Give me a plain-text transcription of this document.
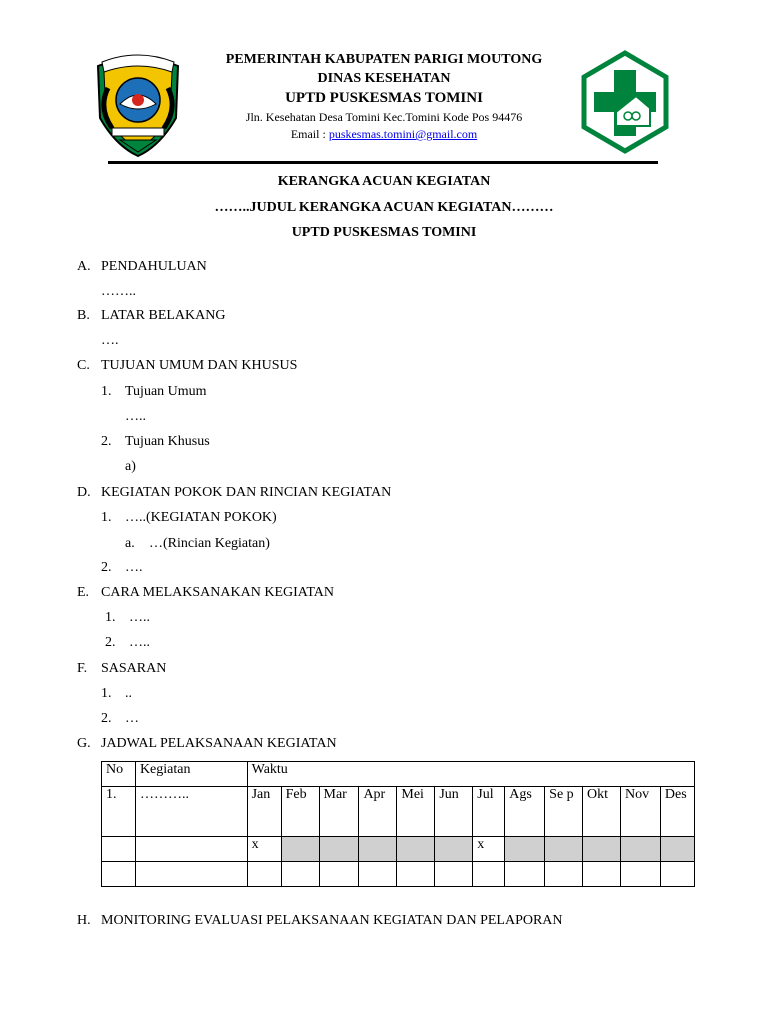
PEMERINTAH KABUPATEN PARIGI MOUTONG
DINAS KESEHATAN
UPTD PUSKESMAS TOMINI
Jln. Kesehatan Desa Tomini Kec.Tomini Kode Pos 94476
Email : puskesmas.tomini@gmail.com
KERANGKA ACUAN KEGIATAN
……..JUDUL KERANGKA ACUAN KEGIATAN………
UPTD PUSKESMAS TOMINI
A. PENDAHULUAN
……..
B. LATAR BELAKANG
….
C. TUJUAN UMUM DAN KHUSUS
1. Tujuan Umum
…..
2. Tujuan Khusus
a)
D. KEGIATAN POKOK DAN RINCIAN KEGIATAN
1. …..(KEGIATAN POKOK)
a. …(Rincian Kegiatan)
2. ….
E. CARA MELAKSANAKAN KEGIATAN
1. …..
2. …..
F. SASARAN
1. ..
2. …
G. JADWAL PELAKSANAAN KEGIATAN
No	Kegiatan	Waktu											
1.	………..	Jan	Feb	Mar	Apr	Mei	Jun	Jul	Ags	Se p	Okt	Nov	Des
		x						x					

H. MONITORING EVALUASI PELAKSANAAN KEGIATAN DAN PELAPORAN
